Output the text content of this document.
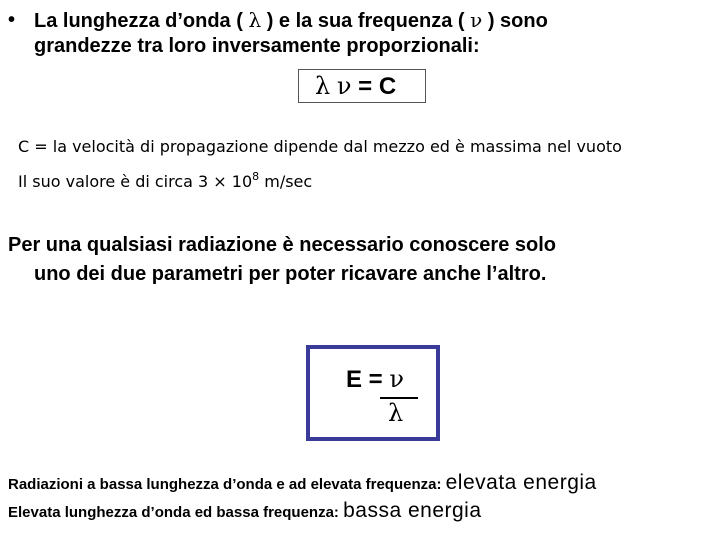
• La lunghezza d’onda ( λ ) e la sua frequenza ( ν ) sono
grandezze tra loro inversamente proporzionali:
λ ν = C
C = la velocità di propagazione dipende dal mezzo ed è massima nel vuoto
Il suo valore è di circa $3 \times 10^8$ m/sec
Per una qualsiasi radiazione è necessario conoscere solo
uno dei due parametri per poter ricavare anche l’altro.
E = ν
λ
Radiazioni a bassa lunghezza d’onda e ad elevata frequenza: elevata energia
Elevata lunghezza d’onda ed bassa frequenza: bassa energia
